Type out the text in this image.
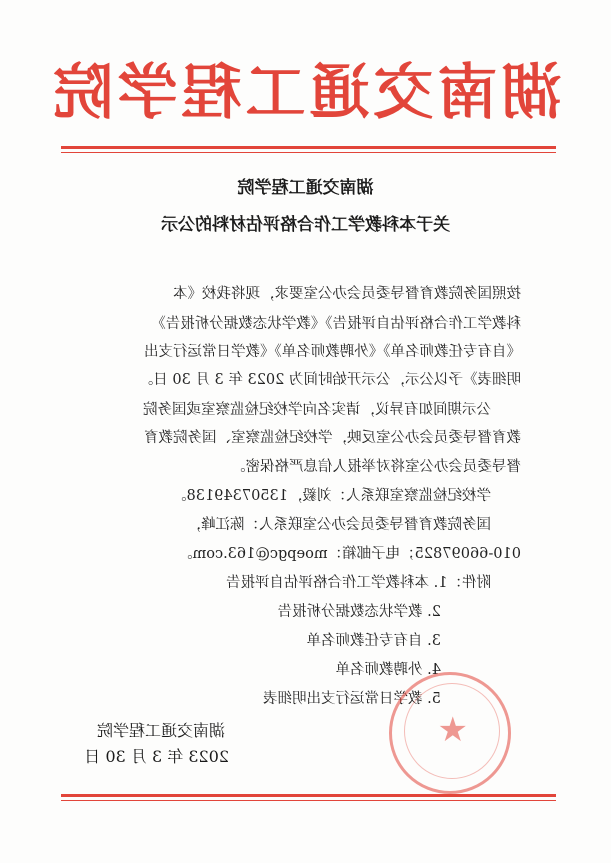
湖南交通工程学院
湖南交通工程学院
关于本科教学工作合格评估材料的公示
按照国务院教育督导委员会办公室要求，现将我校《本
科教学工作合格评估自评报告》《教学状态数据分析报告》
《自有专任教师名单》《外聘教师名单》《教学日常运行支出
明细表》予以公示，公示开始时间为 2023 年 3 月 30 日。
公示期间如有异议，请实名向学校纪检监察室或国务院
教育督导委员会办公室反映，学校纪检监察室、国务院教育
督导委员会办公室将对举报人信息严格保密。
学校纪检监察室联系人：刘毅，13507349138。
国务院教育督导委员会办公室联系人：陈江峰，
010-66097825；电子邮箱：moepgc@163.com。
附件：1. 本科教学工作合格评估自评报告
2. 教学状态数据分析报告
3. 自有专任教师名单
4. 外聘教师名单
5. 教学日常运行支出明细表
★
湖南交通工程学院
2023 年 3 月 30 日
